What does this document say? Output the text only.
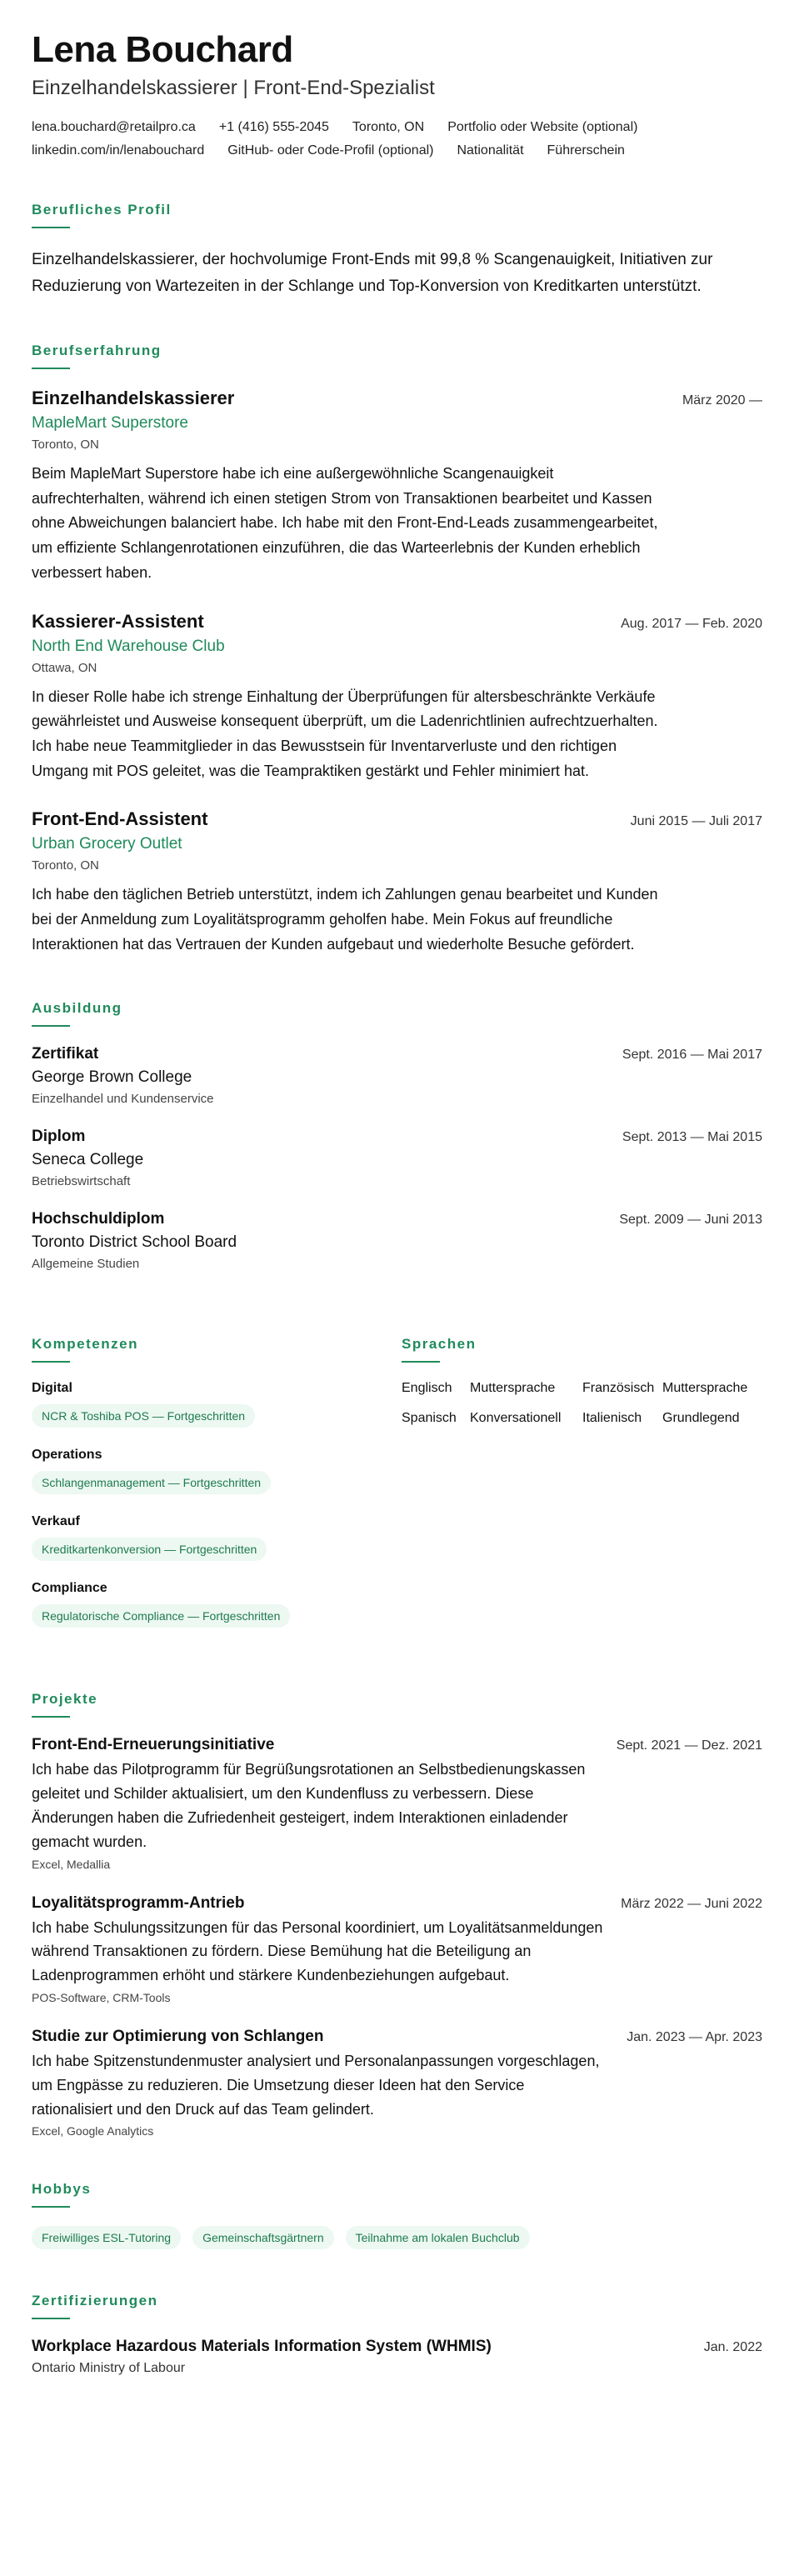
Lena Bouchard
Einzelhandelskassierer | Front-End-Spezialist
lena.bouchard@retailpro.ca +1 (416) 555-2045 Toronto, ON Portfolio oder Website (optional)
linkedin.com/in/lenabouchard GitHub- oder Code-Profil (optional) Nationalität Führerschein
Berufliches Profil
Einzelhandelskassierer, der hochvolumige Front-Ends mit 99,8 % Scangenauigkeit, Initiativen zur Reduzierung von Wartezeiten in der Schlange und Top-Konversion von Kreditkarten unterstützt.
Berufserfahrung
Einzelhandelskassierer	März 2020 —
MapleMart Superstore
Toronto, ON
Beim MapleMart Superstore habe ich eine außergewöhnliche Scangenauigkeit aufrechterhalten, während ich einen stetigen Strom von Transaktionen bearbeitet und Kassen ohne Abweichungen balanciert habe. Ich habe mit den Front-End-Leads zusammengearbeitet, um effiziente Schlangenrotationen einzuführen, die das Warteerlebnis der Kunden erheblich verbessert haben.
Kassierer-Assistent	Aug. 2017 — Feb. 2020
North End Warehouse Club
Ottawa, ON
In dieser Rolle habe ich strenge Einhaltung der Überprüfungen für altersbeschränkte Verkäufe gewährleistet und Ausweise konsequent überprüft, um die Ladenrichtlinien aufrechtzuerhalten. Ich habe neue Teammitglieder in das Bewusstsein für Inventarverluste und den richtigen Umgang mit POS geleitet, was die Teampraktiken gestärkt und Fehler minimiert hat.
Front-End-Assistent	Juni 2015 — Juli 2017
Urban Grocery Outlet
Toronto, ON
Ich habe den täglichen Betrieb unterstützt, indem ich Zahlungen genau bearbeitet und Kunden bei der Anmeldung zum Loyalitätsprogramm geholfen habe. Mein Fokus auf freundliche Interaktionen hat das Vertrauen der Kunden aufgebaut und wiederholte Besuche gefördert.
Ausbildung
Zertifikat	Sept. 2016 — Mai 2017
George Brown College
Einzelhandel und Kundenservice
Diplom	Sept. 2013 — Mai 2015
Seneca College
Betriebswirtschaft
Hochschuldiplom	Sept. 2009 — Juni 2013
Toronto District School Board
Allgemeine Studien
Kompetenzen
Digital
NCR & Toshiba POS — Fortgeschritten
Operations
Schlangenmanagement — Fortgeschritten
Verkauf
Kreditkartenkonversion — Fortgeschritten
Compliance
Regulatorische Compliance — Fortgeschritten
Sprachen
Englisch	Muttersprache	Französisch Muttersprache
Spanisch	Konversationell	Italienisch	Grundlegend
Projekte
Front-End-Erneuerungsinitiative	Sept. 2021 — Dez. 2021
Ich habe das Pilotprogramm für Begrüßungsrotationen an Selbstbedienungskassen geleitet und Schilder aktualisiert, um den Kundenfluss zu verbessern. Diese Änderungen haben die Zufriedenheit gesteigert, indem Interaktionen einladender gemacht wurden.
Excel, Medallia
Loyalitätsprogramm-Antrieb	März 2022 — Juni 2022
Ich habe Schulungssitzungen für das Personal koordiniert, um Loyalitätsanmeldungen während Transaktionen zu fördern. Diese Bemühung hat die Beteiligung an Ladenprogrammen erhöht und stärkere Kundenbeziehungen aufgebaut.
POS-Software, CRM-Tools
Studie zur Optimierung von Schlangen	Jan. 2023 — Apr. 2023
Ich habe Spitzenstundenmuster analysiert und Personalanpassungen vorgeschlagen, um Engpässe zu reduzieren. Die Umsetzung dieser Ideen hat den Service rationalisiert und den Druck auf das Team gelindert.
Excel, Google Analytics
Hobbys
Freiwilliges ESL-Tutoring	Gemeinschaftsgärtnern	Teilnahme am lokalen Buchclub
Zertifizierungen
Workplace Hazardous Materials Information System (WHMIS)	Jan. 2022
Ontario Ministry of Labour
